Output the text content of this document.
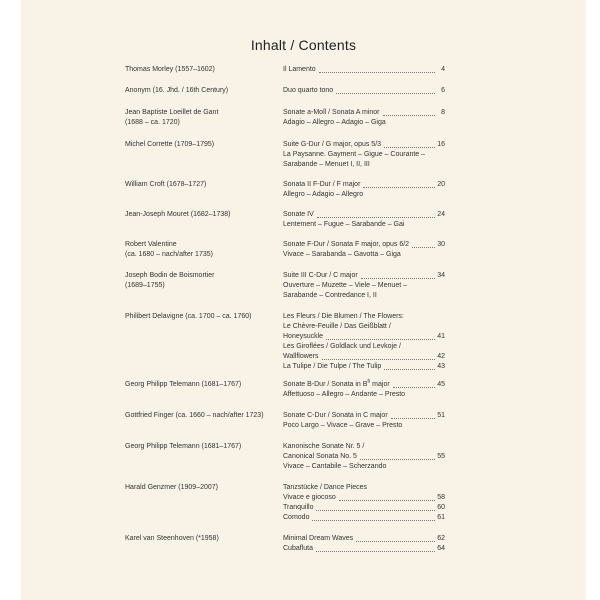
Inhalt / Contents
Thomas Morley (1557–1602)	Il Lamento	4
Anonym (16. Jhd. / 16th Century)	Duo quarto tono	6
Jean Baptiste Loeillet de Gant
(1688 – ca. 1720)
Sonate a-Moll / Sonata A minor	8
Adagio – Allegro – Adagio – Giga
Michel Corrette (1709–1795)	Suite G-Dur / G major, opus 5/3	16
La Paysanne. Gayment – Gigue – Courante –
Sarabande – Menuet I, II, III
William Croft (1678–1727)	Sonata II F-Dur / F major	20
Allegro – Adagio – Allegro
Jean-Joseph Mouret (1682–1738)	Sonate IV	24
Lentement – Fugue – Sarabande – Gai
Robert Valentine
(ca. 1680 – nach/after 1735)
Sonate F-Dur / Sonata F major, opus 6/2	30
Vivace – Sarabanda – Gavotta – Giga
Joseph Bodin de Boismortier
(1689–1755)
Suite III C-Dur / C major	34
Ouverture – Muzette – Viele – Menuet –
Sarabande – Contredance I, II
Philibert Delavigne (ca. 1700 – ca. 1760)	Les Fleurs / Die Blumen / The Flowers:
Le Chèvre-Feuille / Das Geißblatt /
Honeysuckle	41
Les Giroflées / Goldlack und Levkoje /
Wallflowers	42
La Tulipe / Die Tulpe / The Tulip	43
Georg Philipp Telemann (1681–1767)	Sonate B-Dur / Sonata in $B^b$ major	45
Affettuoso – Allegro – Andante – Presto
Gottfried Finger (ca. 1660 – nach/after 1723)	Sonate C-Dur / Sonata in C major	51
Poco Largo – Vivace – Grave – Presto
Georg Philipp Telemann (1681–1767)	Kanonische Sonate Nr. 5 /
Canonical Sonata No. 5	55
Vivace – Cantabile – Scherzando
Harald Genzmer (1909–2007)	Tanzstücke / Dance Pieces
Vivace e giocoso	58
Tranquillo	60
Comodo	61
Karel van Steenhoven (*1958)	Minimal Dream Waves	62
Cubafluta	64
